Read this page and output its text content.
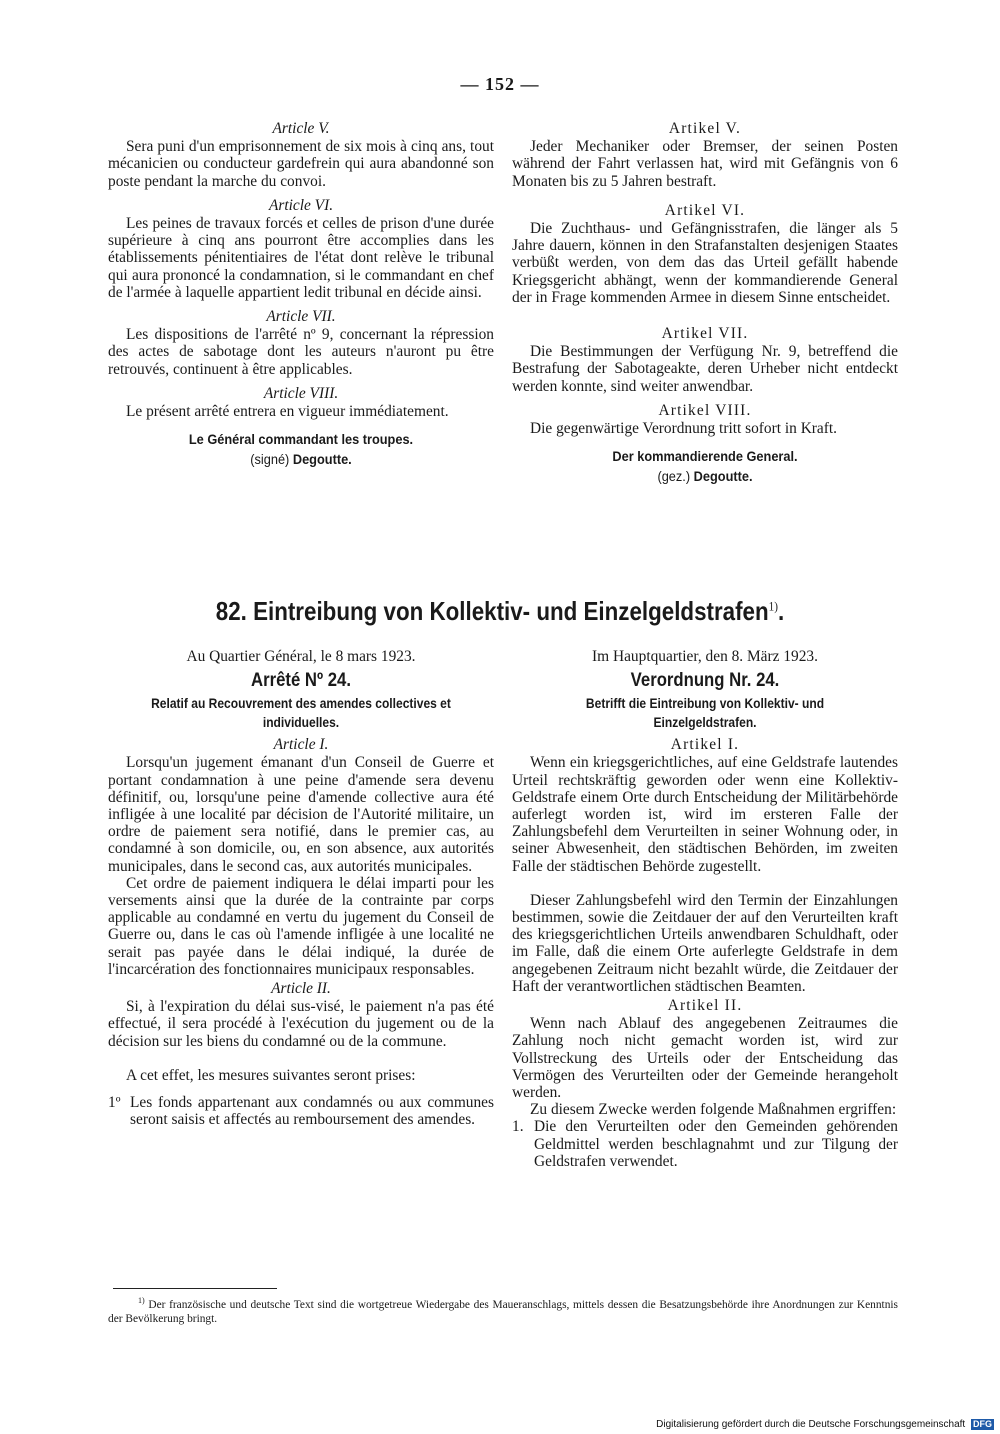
— 152 —
Article V.

Sera puni d'un emprisonnement de six mois à cinq ans, tout mécanicien ou conducteur gardefrein qui aura abandonné son poste pendant la marche du convoi.

Article VI.

Les peines de travaux forcés et celles de prison d'une durée supérieure à cinq ans pourront être accomplies dans les établissements pénitentiaires de l'état dont relève le tribunal qui aura prononcé la condamnation, si le commandant en chef de l'armée à laquelle appartient ledit tribunal en décide ainsi.

Article VII.

Les dispositions de l'arrêté nº 9, concernant la répression des actes de sabotage dont les auteurs n'auront pu être retrouvés, continuent à être applicables.

Article VIII.

Le présent arrêté entrera en vigueur immédiatement.

Le Général commandant les troupes.
(signé) Degoutte.
Artikel V.

Jeder Mechaniker oder Bremser, der seinen Posten während der Fahrt verlassen hat, wird mit Gefängnis von 6 Monaten bis zu 5 Jahren bestraft.

Artikel VI.

Die Zuchthaus- und Gefängnisstrafen, die länger als 5 Jahre dauern, können in den Strafanstalten desjenigen Staates verbüßt werden, von dem das das Urteil gefällt habende Kriegsgericht abhängt, wenn der kommandierende General der in Frage kommenden Armee in diesem Sinne entscheidet.

Artikel VII.

Die Bestimmungen der Verfügung Nr. 9, betreffend die Bestrafung der Sabotageakte, deren Urheber nicht entdeckt werden konnte, sind weiter anwendbar.

Artikel VIII.

Die gegenwärtige Verordnung tritt sofort in Kraft.

Der kommandierende General.
(gez.) Degoutte.
82. Eintreibung von Kollektiv- und Einzelgeldstrafen$^{1)}$.
Au Quartier Général, le 8 mars 1923.
Arrêté Nº 24.
Relatif au Recouvrement des amendes collectives et individuelles.
Article I.

Lorsqu'un jugement émanant d'un Conseil de Guerre et portant condamnation à une peine d'amende sera devenu définitif, ou, lorsqu'une peine d'amende collective aura été infligée à une localité par décision de l'Autorité militaire, un ordre de paiement sera notifié, dans le premier cas, au condamné à son domicile, ou, en son absence, aux autorités municipales, dans le second cas, aux autorités municipales.

Cet ordre de paiement indiquera le délai imparti pour les versements ainsi que la durée de la contrainte par corps applicable au condamné en vertu du jugement du Conseil de Guerre ou, dans le cas où l'amende infligée à une localité ne serait pas payée dans le délai indiqué, la durée de l'incarcération des fonctionnaires municipaux responsables.

Article II.

Si, à l'expiration du délai sus-visé, le paiement n'a pas été effectué, il sera procédé à l'exécution du jugement ou de la décision sur les biens du condamné ou de la commune.

A cet effet, les mesures suivantes seront prises:

1º Les fonds appartenant aux condamnés ou aux communes seront saisis et affectés au remboursement des amendes.
Im Hauptquartier, den 8. März 1923.
Verordnung Nr. 24.
Betrifft die Eintreibung von Kollektiv- und Einzelgeldstrafen.
Artikel I.

Wenn ein kriegsgerichtliches, auf eine Geldstrafe lautendes Urteil rechtskräftig geworden oder wenn eine Kollektiv-Geldstrafe einem Orte durch Entscheidung der Militärbehörde auferlegt worden ist, wird im ersteren Falle der Zahlungsbefehl dem Verurteilten in seiner Wohnung oder, in seiner Abwesenheit, den städtischen Behörden, im zweiten Falle der städtischen Behörde zugestellt.

Dieser Zahlungsbefehl wird den Termin der Einzahlungen bestimmen, sowie die Zeitdauer der auf den Verurteilten kraft des kriegsgerichtlichen Urteils anwendbaren Schuldhaft, oder im Falle, daß die einem Orte auferlegte Geldstrafe in dem angegebenen Zeitraum nicht bezahlt würde, die Zeitdauer der Haft der verantwortlichen städtischen Beamten.

Artikel II.

Wenn nach Ablauf des angegebenen Zeitraumes die Zahlung noch nicht gemacht worden ist, wird zur Vollstreckung des Urteils oder der Entscheidung das Vermögen des Verurteilten oder der Gemeinde herangeholt werden.

Zu diesem Zwecke werden folgende Maßnahmen ergriffen:

1. Die den Verurteilten oder den Gemeinden gehörenden Geldmittel werden beschlagnahmt und zur Tilgung der Geldstrafen verwendet.
$^{1)}$ Der französische und deutsche Text sind die wortgetreue Wiedergabe des Maueranschlags, mittels dessen die Besatzungsbehörde ihre Anordnungen zur Kenntnis der Bevölkerung bringt.
Digitalisierung gefördert durch die Deutsche Forschungsgemeinschaft DFG
